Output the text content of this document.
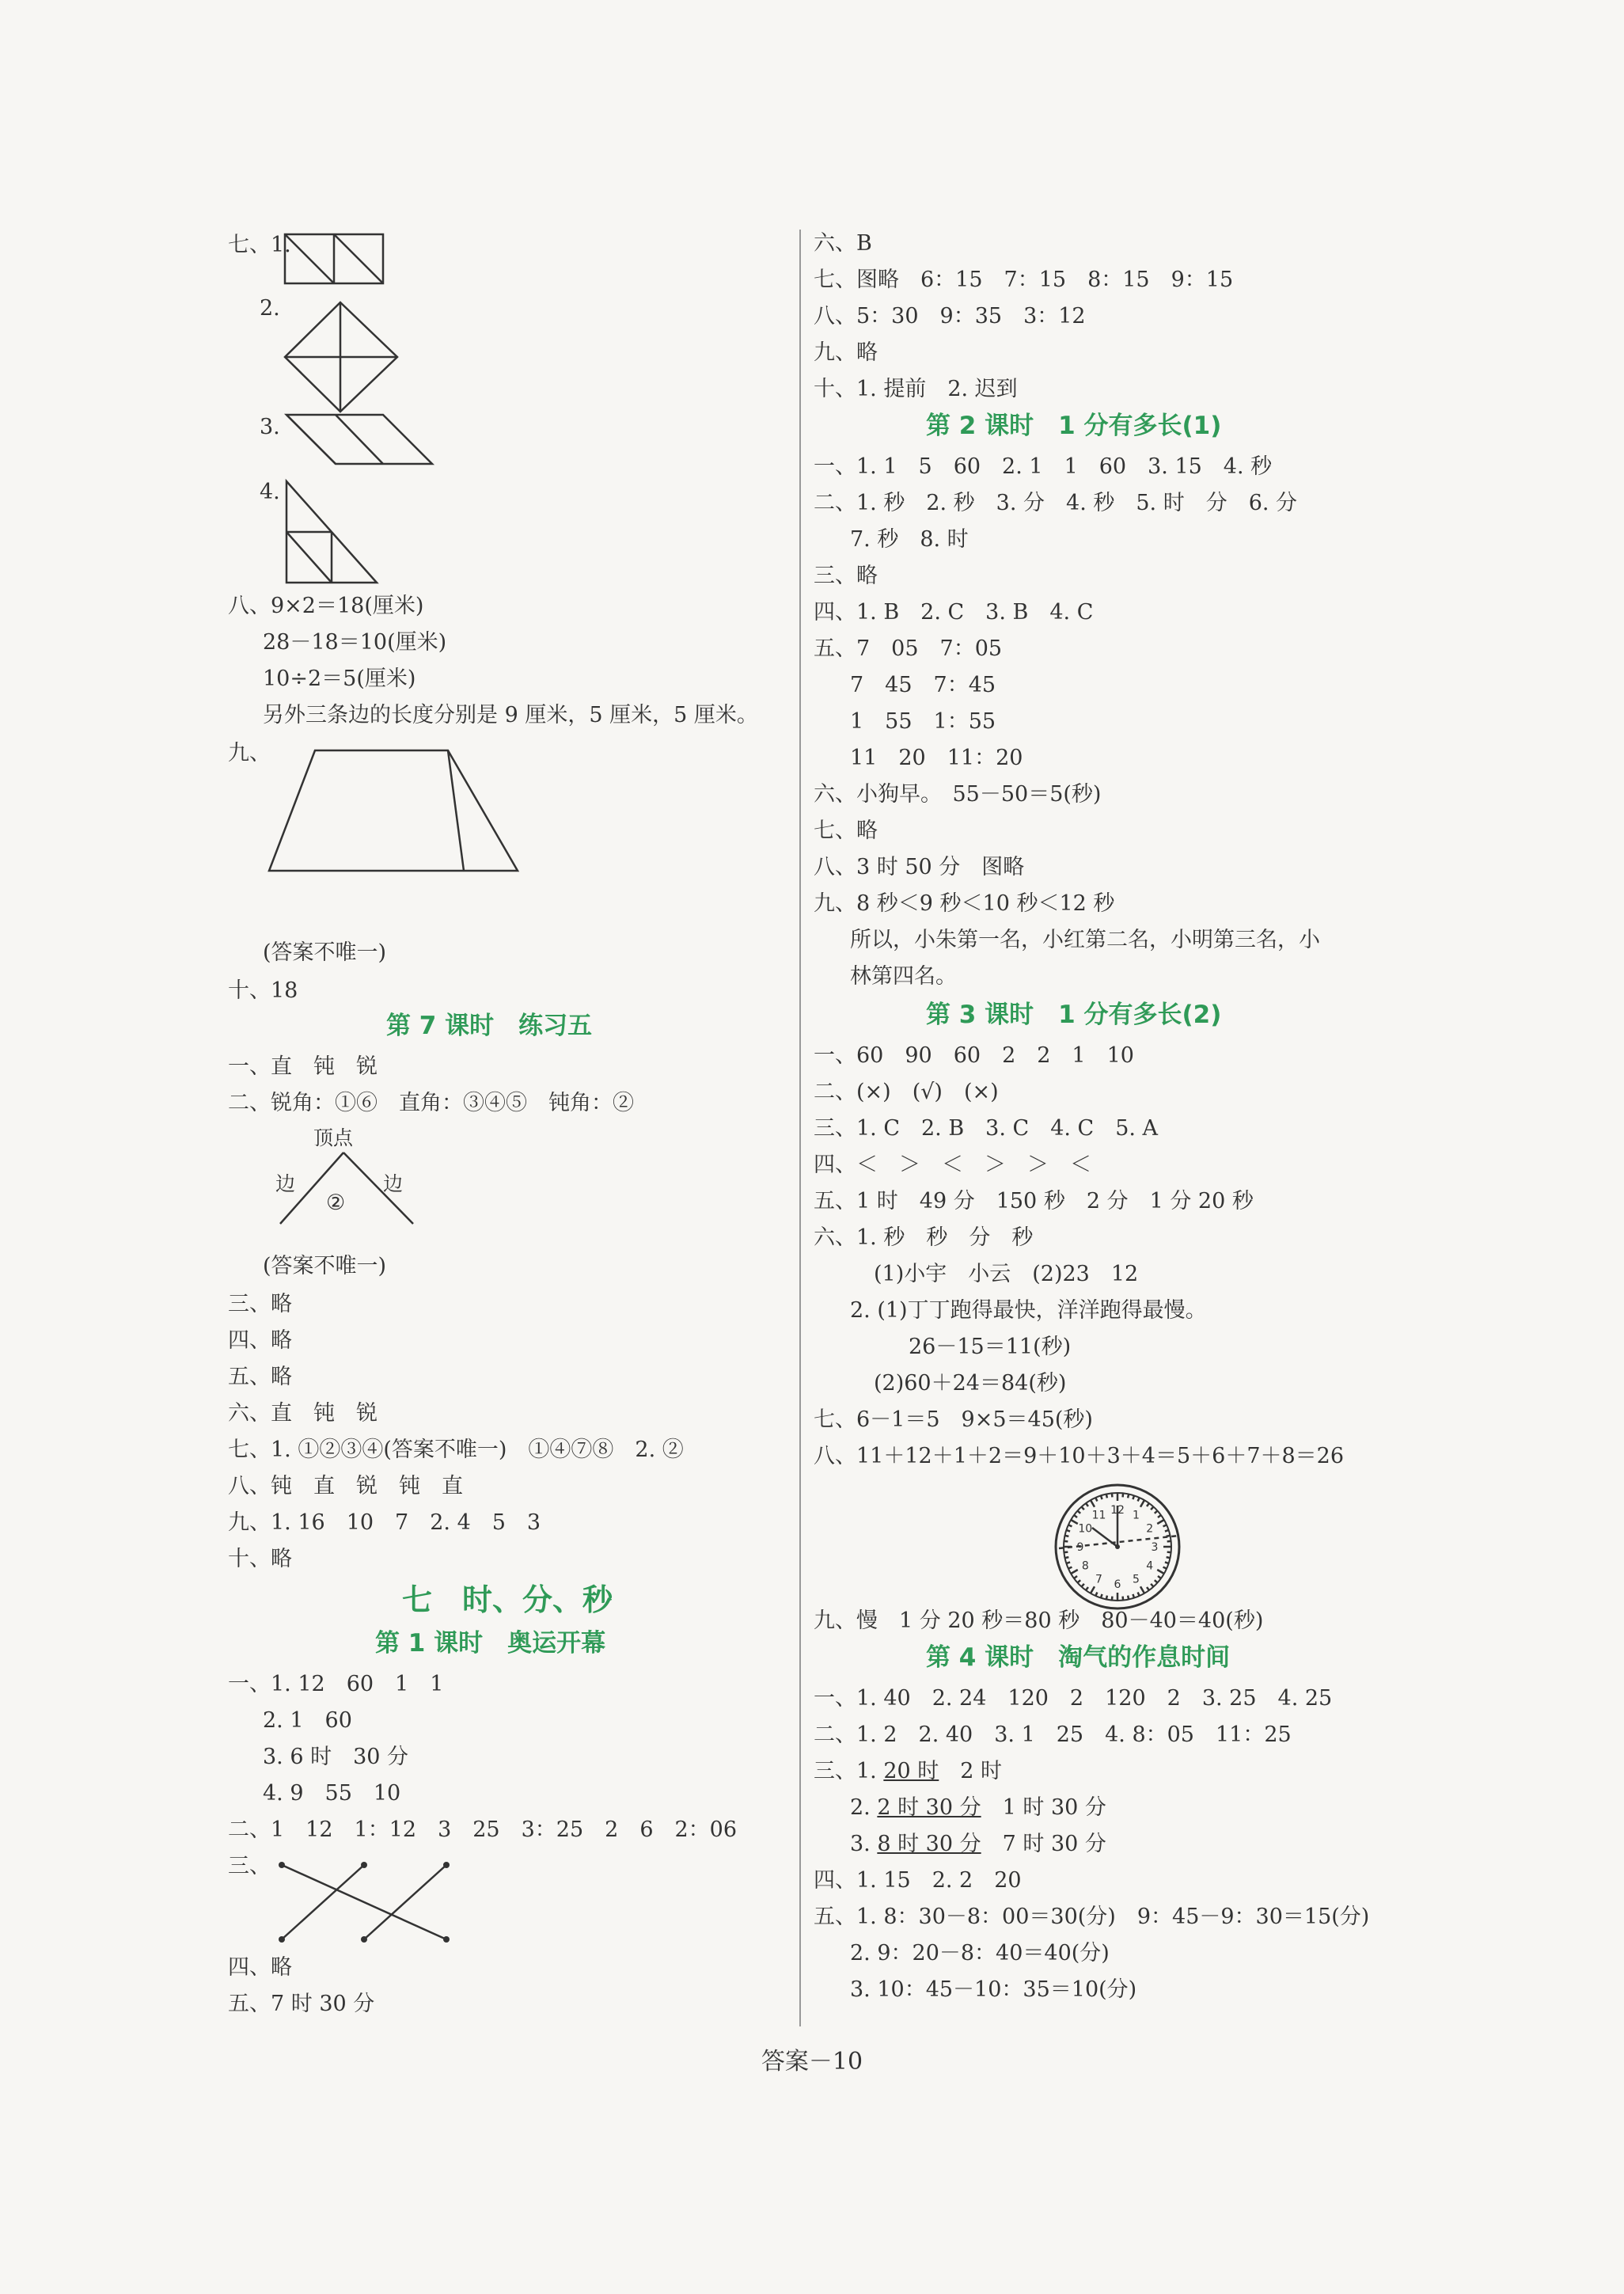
七、1.
2.
3.
4.
八、9×2＝18(厘米)
28－18＝10(厘米)
10÷2＝5(厘米)
另外三条边的长度分别是 9 厘米，5 厘米，5 厘米。
九、
(答案不唯一)
十、18
第 7 课时　练习五
一、直　钝　锐
二、锐角：①⑥　直角：③④⑤　钝角：②
顶点
边	边
②
(答案不唯一)
三、略
四、略
五、略
六、直　钝　锐
七、1. ①②③④(答案不唯一)　①④⑦⑧　2. ②
八、钝　直　锐　钝　直
九、1. 16　10　7　2. 4　5　3
十、略
七　时、分、秒
第 1 课时　奥运开幕
一、1. 12　60　1　1
2. 1　60
3. 6 时　30 分
4. 9　55　10
二、1　12　1：12　3　25　3：25　2　6　2：06
三、
四、略
五、7 时 30 分
六、B
七、图略　6：15　7：15　8：15　9：15
八、5：30　9：35　3：12
九、略
十、1. 提前　2. 迟到
第 2 课时　1 分有多长(1)
一、1. 1　5　60　2. 1　1　60　3. 15　4. 秒
二、1. 秒　2. 秒　3. 分　4. 秒　5. 时　分　6. 分
7. 秒　8. 时
三、略
四、1. B　2. C　3. B　4. C
五、7　05　7：05
7　45　7：45
1　55　1：55
11　20　11：20
六、小狗早。　55－50＝5(秒)
七、略
八、3 时 50 分　图略
九、8 秒＜9 秒＜10 秒＜12 秒
所以，小朱第一名，小红第二名，小明第三名，小
林第四名。
第 3 课时　1 分有多长(2)
一、60　90　60　2　2　1　10
二、(×)　(√)　(×)
三、1. C　2. B　3. C　4. C　5. A
四、＜　＞　＜　＞　＞　＜
五、1 时　49 分　150 秒　2 分　1 分 20 秒
六、1. 秒　秒　分　秒
(1)小宇　小云　(2)23　12
2. (1)丁丁跑得最快，洋洋跑得最慢。
26－15＝11(秒)
(2)60＋24＝84(秒)
七、6－1＝5　9×5＝45(秒)
八、11＋12＋1＋2＝9＋10＋3＋4＝5＋6＋7＋8＝26
12 1
2
3
4
5
6
7
8
9
10
11
九、慢　1 分 20 秒＝80 秒　80－40＝40(秒)
第 4 课时　淘气的作息时间
一、1. 40　2. 24　120　2　120　2　3. 25　4. 25
二、1. 2　2. 40　3. 1　25　4. 8：05　11：25
三、1. 20 时　2 时
2. 2 时 30 分　1 时 30 分
3. 8 时 30 分　7 时 30 分
四、1. 15　2. 2　20
五、1. 8：30－8：00＝30(分)　9：45－9：30＝15(分)
2. 9：20－8：40＝40(分)
3. 10：45－10：35＝10(分)
答案－10
